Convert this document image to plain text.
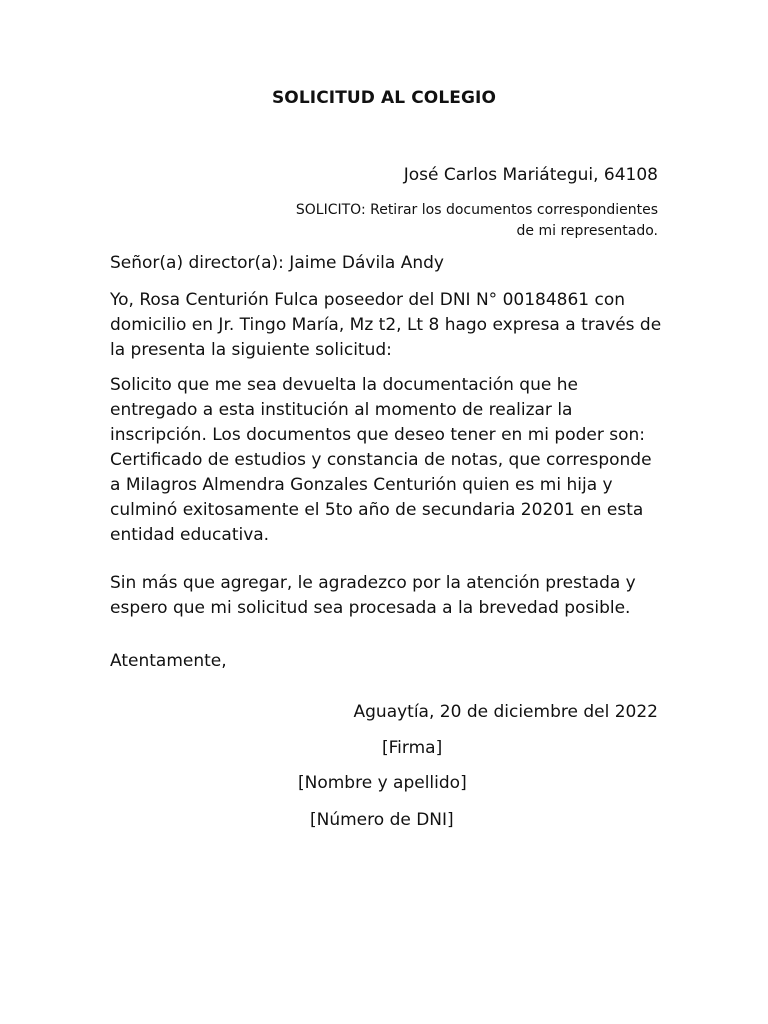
SOLICITUD AL COLEGIO
José Carlos Mariátegui, 64108
SOLICITO: Retirar los documentos correspondientes
de mi representado.

Señor(a) director(a): Jaime Dávila Andy

Yo, Rosa Centurión Fulca poseedor del DNI N° 00184861 con domicilio en Jr. Tingo María, Mz t2, Lt 8 hago expresa a través de la presenta la siguiente solicitud:

Solicito que me sea devuelta la documentación que he entregado a esta institución al momento de realizar la inscripción. Los documentos que deseo tener en mi poder son: Certificado de estudios y constancia de notas, que corresponde a Milagros Almendra Gonzales Centurión quien es mi hija y culminó exitosamente el 5to año de secundaria 20201 en esta entidad educativa.

Sin más que agregar, le agradezco por la atención prestada y espero que mi solicitud sea procesada a la brevedad posible.

Atentamente,

Aguaytía, 20 de diciembre del 2022
[Firma]
[Nombre y apellido]
[Número de DNI]
